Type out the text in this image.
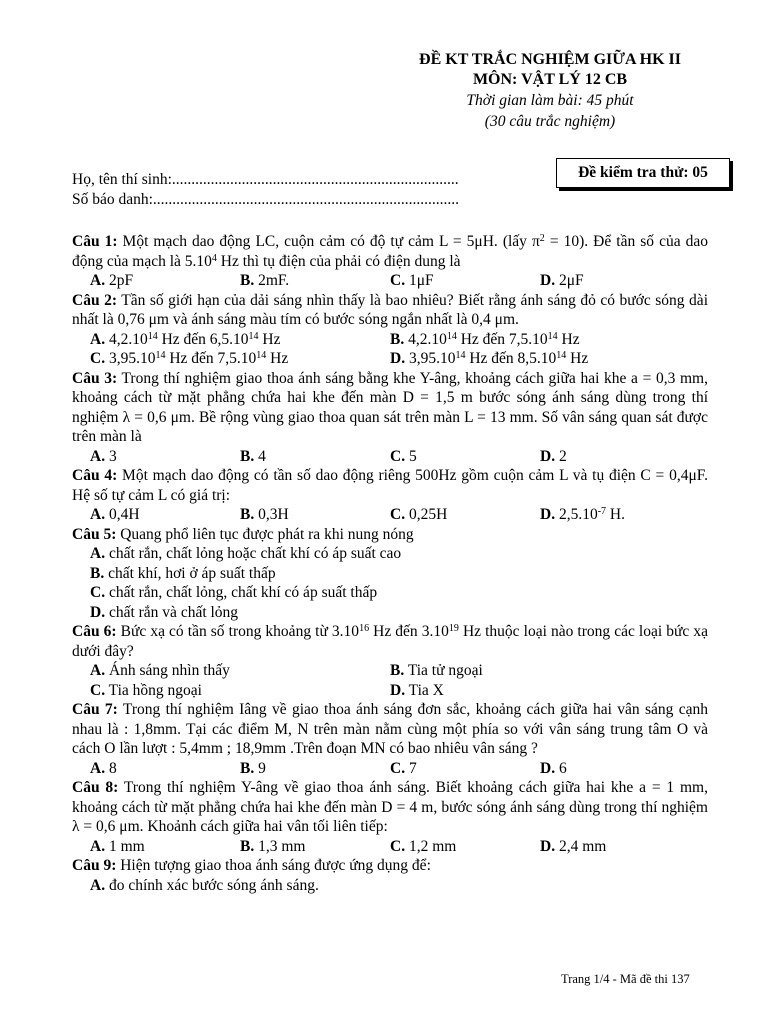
ĐỀ KT TRẮC NGHIỆM GIỮA HK II
MÔN: VẬT LÝ 12 CB
Thời gian làm bài: 45 phút
(30 câu trắc nghiệm)
Đề kiểm tra thử: 05
Họ, tên thí sinh:..........................................................................
Số báo danh:...............................................................................

Câu 1: Một mạch dao động LC, cuộn cảm có độ tự cảm L = 5μH. (lấy $\pi^2 = 10$). Để tần số của dao động của mạch là 5.10$^4$ Hz thì tụ điện của phải có điện dung là

A. 2pF	B. 2mF.	C. 1μF	D. 2μF

Câu 2: Tần số giới hạn của dải sáng nhìn thấy là bao nhiêu? Biết rằng ánh sáng đỏ có bước sóng dài nhất là 0,76 μm và ánh sáng màu tím có bước sóng ngắn nhất là 0,4 μm.

A. 4,2.10$^{14}$ Hz đến 6,5.10$^{14}$ Hz	B. 4,2.10$^{14}$ Hz đến 7,5.10$^{14}$ Hz
C. 3,95.10$^{14}$ Hz đến 7,5.10$^{14}$ Hz	D. 3,95.10$^{14}$ Hz đến 8,5.10$^{14}$ Hz

Câu 3: Trong thí nghiệm giao thoa ánh sáng bằng khe Y-âng, khoảng cách giữa hai khe a = 0,3 mm, khoảng cách từ mặt phẳng chứa hai khe đến màn D = 1,5 m bước sóng ánh sáng dùng trong thí nghiệm λ = 0,6 μm. Bề rộng vùng giao thoa quan sát trên màn L = 13 mm. Số vân sáng quan sát được trên màn là

A. 3	B. 4	C. 5	D. 2

Câu 4: Một mạch dao động có tần số dao động riêng 500Hz gồm cuộn cảm L và tụ điện C = 0,4μF. Hệ số tự cảm L có giá trị:

A. 0,4H	B. 0,3H	C. 0,25H	D. $2,5.10^{-7}$ H.

Câu 5: Quang phổ liên tục được phát ra khi nung nóng

A. chất rắn, chất lỏng hoặc chất khí có áp suất cao
B. chất khí, hơi ở áp suất thấp
C. chất rắn, chất lỏng, chất khí có áp suất thấp
D. chất rắn và chất lỏng

Câu 6: Bức xạ có tần số trong khoảng từ 3.10$^{16}$ Hz đến 3.10$^{19}$ Hz thuộc loại nào trong các loại bức xạ dưới đây?

A. Ánh sáng nhìn thấy	B. Tia tử ngoại
C. Tia hồng ngoại	D. Tia X

Câu 7: Trong thí nghiệm Iâng về giao thoa ánh sáng đơn sắc, khoảng cách giữa hai vân sáng cạnh nhau là : 1,8mm. Tại các điểm M, N trên màn nằm cùng một phía so với vân sáng trung tâm O và cách O lần lượt : 5,4mm ; 18,9mm .Trên đoạn MN có bao nhiêu vân sáng ?

A. 8	B. 9	C. 7	D. 6

Câu 8: Trong thí nghiệm Y-âng về giao thoa ánh sáng. Biết khoảng cách giữa hai khe a = 1 mm, khoảng cách từ mặt phẳng chứa hai khe đến màn D = 4 m, bước sóng ánh sáng dùng trong thí nghiệm λ = 0,6 μm. Khoảnh cách giữa hai vân tối liên tiếp:

A. 1 mm	B. 1,3 mm	C. 1,2 mm	D. 2,4 mm

Câu 9: Hiện tượng giao thoa ánh sáng được ứng dụng để:

A. đo chính xác bước sóng ánh sáng.
Trang 1/4 - Mã đề thi 137
